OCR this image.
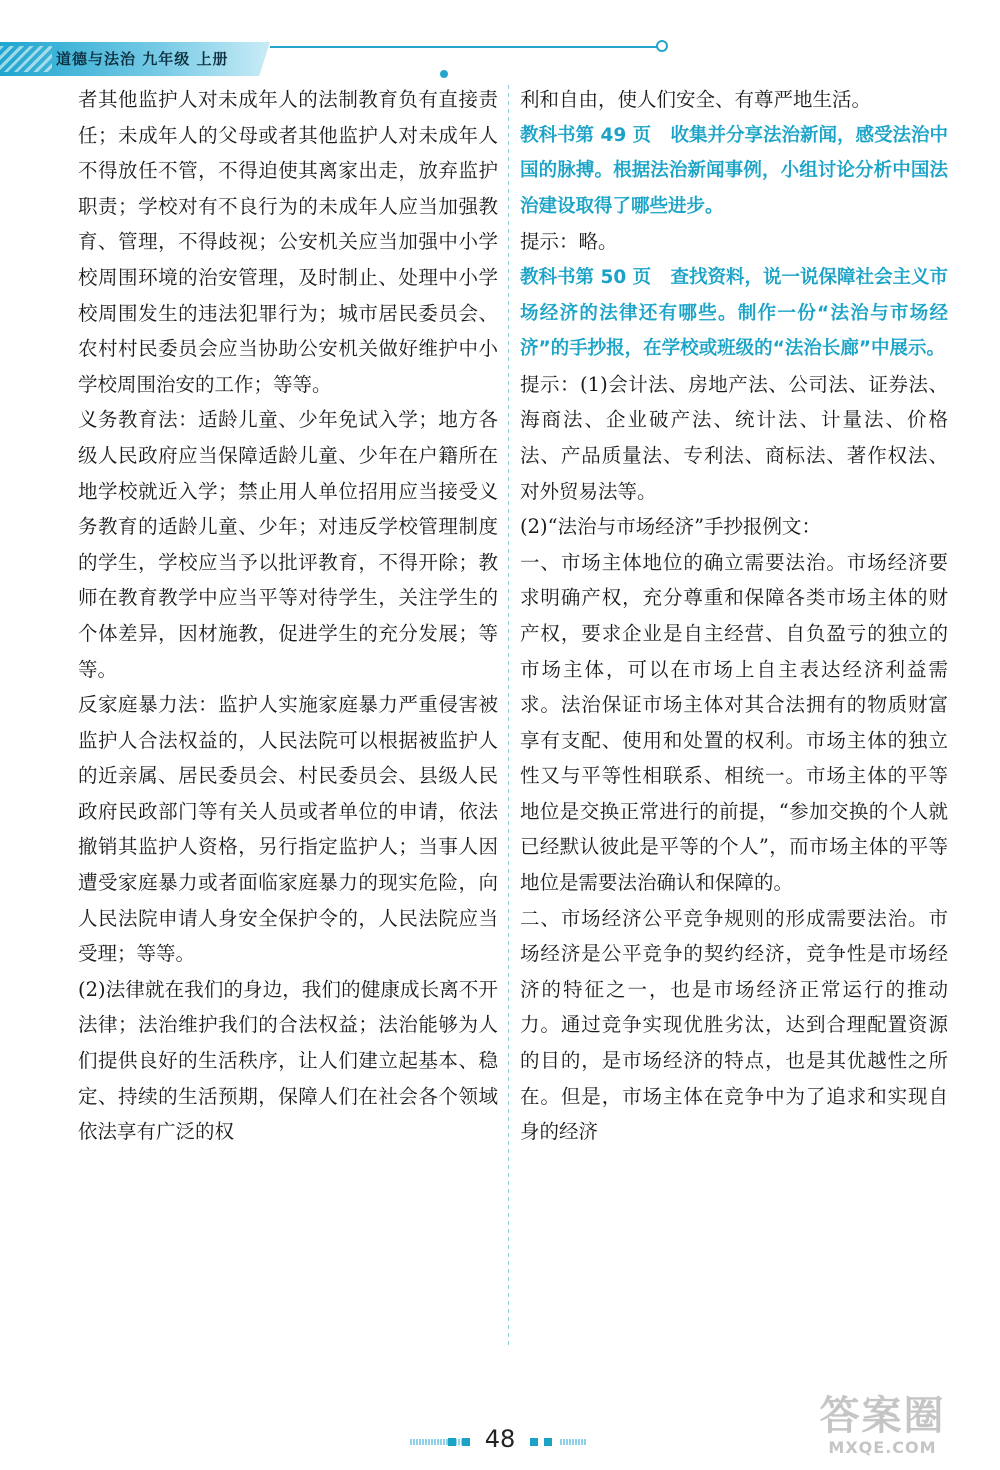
道德与法治 九年级 上册

者其他监护人对未成年人的法制教育负有直接责任；未成年人的父母或者其他监护人对未成年人不得放任不管，不得迫使其离家出走，放弃监护职责；学校对有不良行为的未成年人应当加强教育、管理，不得歧视；公安机关应当加强中小学校周围环境的治安管理，及时制止、处理中小学校周围发生的违法犯罪行为；城市居民委员会、农村村民委员会应当协助公安机关做好维护中小学校周围治安的工作；等等。

义务教育法：适龄儿童、少年免试入学；地方各级人民政府应当保障适龄儿童、少年在户籍所在地学校就近入学；禁止用人单位招用应当接受义务教育的适龄儿童、少年；对违反学校管理制度的学生，学校应当予以批评教育，不得开除；教师在教育教学中应当平等对待学生，关注学生的个体差异，因材施教，促进学生的充分发展；等等。

反家庭暴力法：监护人实施家庭暴力严重侵害被监护人合法权益的，人民法院可以根据被监护人的近亲属、居民委员会、村民委员会、县级人民政府民政部门等有关人员或者单位的申请，依法撤销其监护人资格，另行指定监护人；当事人因遭受家庭暴力或者面临家庭暴力的现实危险，向人民法院申请人身安全保护令的，人民法院应当受理；等等。

(2)法律就在我们的身边，我们的健康成长离不开法律；法治维护我们的合法权益；法治能够为人们提供良好的生活秩序，让人们建立起基本、稳定、持续的生活预期，保障人们在社会各个领域依法享有广泛的权

利和自由，使人们安全、有尊严地生活。

教科书第 49 页 收集并分享法治新闻，感受法治中国的脉搏。根据法治新闻事例，小组讨论分析中国法治建设取得了哪些进步。

提示：略。

教科书第 50 页 查找资料，说一说保障社会主义市场经济的法律还有哪些。制作一份“法治与市场经济”的手抄报，在学校或班级的“法治长廊”中展示。

提示：(1)会计法、房地产法、公司法、证券法、海商法、企业破产法、统计法、计量法、价格法、产品质量法、专利法、商标法、著作权法、对外贸易法等。

(2)“法治与市场经济”手抄报例文：

一、市场主体地位的确立需要法治。市场经济要求明确产权，充分尊重和保障各类市场主体的财产权，要求企业是自主经营、自负盈亏的独立的市场主体，可以在市场上自主表达经济利益需求。法治保证市场主体对其合法拥有的物质财富享有支配、使用和处置的权利。市场主体的独立性又与平等性相联系、相统一。市场主体的平等地位是交换正常进行的前提，“参加交换的个人就已经默认彼此是平等的个人”，而市场主体的平等地位是需要法治确认和保障的。

二、市场经济公平竞争规则的形成需要法治。市场经济是公平竞争的契约经济，竞争性是市场经济的特征之一，也是市场经济正常运行的推动力。通过竞争实现优胜劣汰，达到合理配置资源的目的，是市场经济的特点，也是其优越性之所在。但是，市场主体在竞争中为了追求和实现自身的经济

48	答案圈
MXQE.COM
